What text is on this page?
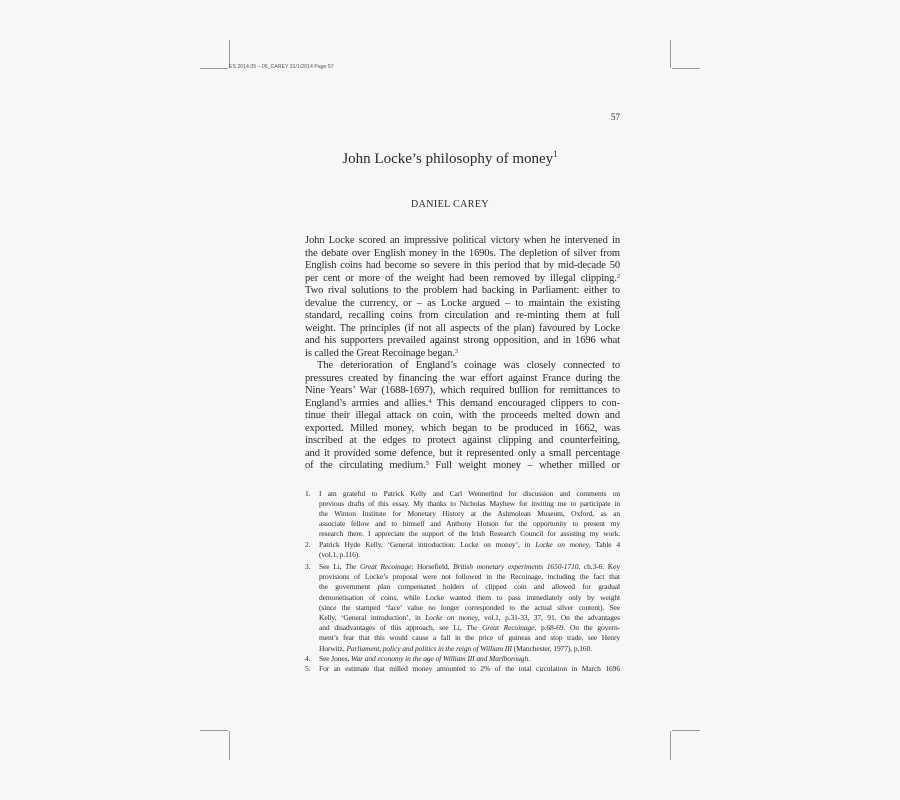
ES 2014 05 – 05_CAREY 31/1/2014 Page 57
57
John Locke’s philosophy of money$^1$
DANIEL CAREY
John Locke scored an impressive political victory when he intervened in
the debate over English money in the 1690s. The depletion of silver from
English coins had become so severe in this period that by mid-decade 50
per cent or more of the weight had been removed by illegal clipping.$^2$
Two rival solutions to the problem had backing in Parliament: either to
devalue the currency, or – as Locke argued – to maintain the existing
standard, recalling coins from circulation and re-minting them at full
weight. The principles (if not all aspects of the plan) favoured by Locke
and his supporters prevailed against strong opposition, and in 1696 what
is called the Great Recoinage began.$^3$
The deterioration of England’s coinage was closely connected to
pressures created by financing the war effort against France during the
Nine Years’ War (1688-1697), which required bullion for remittances to
England’s armies and allies.$^4$ This demand encouraged clippers to con-
tinue their illegal attack on coin, with the proceeds melted down and
exported. Milled money, which began to be produced in 1662, was
inscribed at the edges to protect against clipping and counterfeiting,
and it provided some defence, but it represented only a small percentage
of the circulating medium.$^5$ Full weight money – whether milled or
1. I am grateful to Patrick Kelly and Carl Wennerlind for discussion and comments on
previous drafts of this essay. My thanks to Nicholas Mayhew for inviting me to participate in
the Winton Institute for Monetary History at the Ashmolean Museum, Oxford, as an
associate fellow and to himself and Anthony Hotson for the opportunity to present my
research there. I appreciate the support of the Irish Research Council for assisting my work.
2. Patrick Hyde Kelly, ‘General introduction: Locke on money’, in Locke on money, Table 4
(vol.1, p.116).
3. See Li, The Great Recoinage; Horsefield, British monetary experiments 1650-1710, ch.3-6. Key
provisions of Locke’s proposal were not followed in the Recoinage, including the fact that
the government plan compensated holders of clipped coin and allowed for gradual
demonetisation of coins, while Locke wanted them to pass immediately only by weight
(since the stamped ‘face’ value no longer corresponded to the actual silver content). See
Kelly, ‘General introduction’, in Locke on money, vol.1, p.31-33, 37, 91. On the advantages
and disadvantages of this approach, see Li, The Great Recoinage, p.68-69. On the govern-
ment’s fear that this would cause a fall in the price of guineas and stop trade, see Henry
Horwitz, Parliament, policy and politics in the reign of William III (Manchester, 1977), p.160.
4. See Jones, War and economy in the age of William III and Marlborough.
5. For an estimate that milled money amounted to 2% of the total circulation in March 1696
